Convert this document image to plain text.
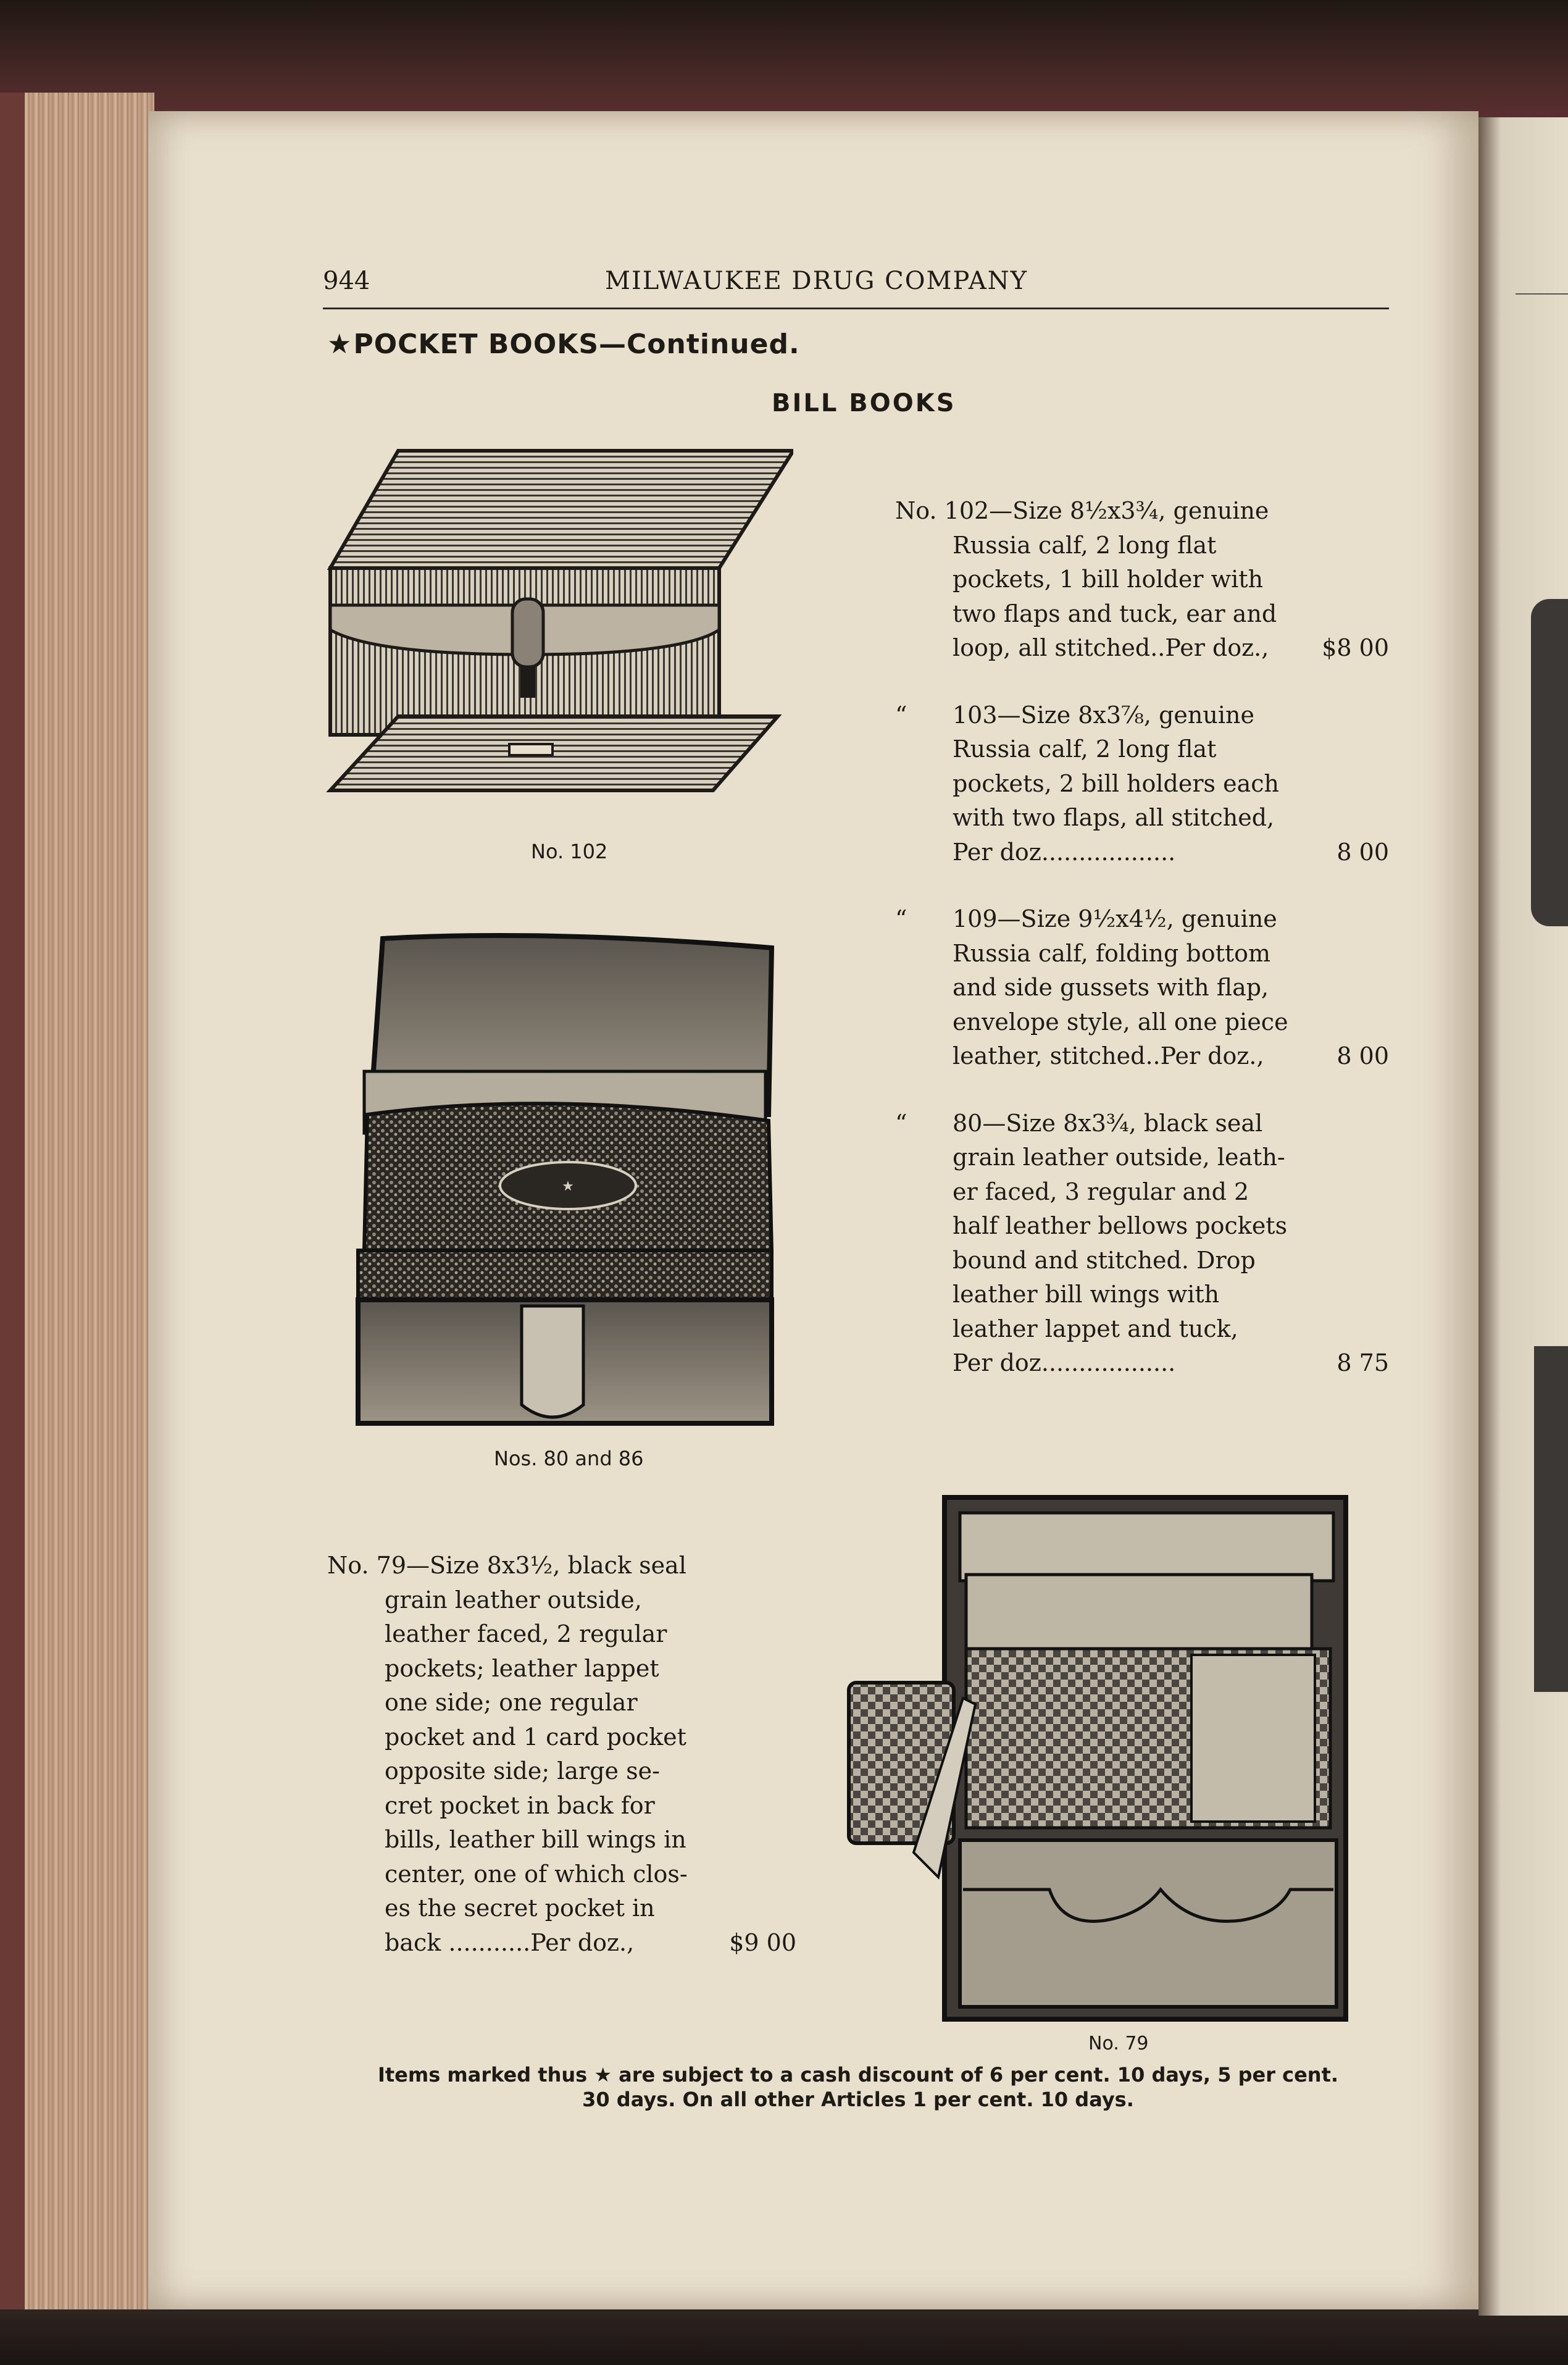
944	MILWAUKEE DRUG COMPANY
★POCKET BOOKS—Continued.
BILL BOOKS
No. 102
★
Nos. 80 and 86
No. 79
No. 102—Size 8½x3¾, genuine
Russia calf, 2 long flat
pockets, 1 bill holder with
two flaps and tuck, ear and
loop, all stitched..Per doz.,	$8 00
“ 103—Size 8x3⅞, genuine
Russia calf, 2 long flat
pockets, 2 bill holders each
with two flaps, all stitched,
Per doz..................	8 00
“ 109—Size 9½x4½, genuine
Russia calf, folding bottom
and side gussets with flap,
envelope style, all one piece
leather, stitched..Per doz.,	8 00
“ 80—Size 8x3¾, black seal
grain leather outside, leath-
er faced, 3 regular and 2
half leather bellows pockets
bound and stitched. Drop
leather bill wings with
leather lappet and tuck,
Per doz..................	8 75
No. 79—Size 8x3½, black seal
grain leather outside,
leather faced, 2 regular
pockets; leather lappet
one side; one regular
pocket and 1 card pocket
opposite side; large se-
cret pocket in back for
bills, leather bill wings in
center, one of which clos-
es the secret pocket in
back ...........Per doz.,	$9 00
Items marked thus ★ are subject to a cash discount of 6 per cent. 10 days, 5 per cent.
30 days. On all other Articles 1 per cent. 10 days.
